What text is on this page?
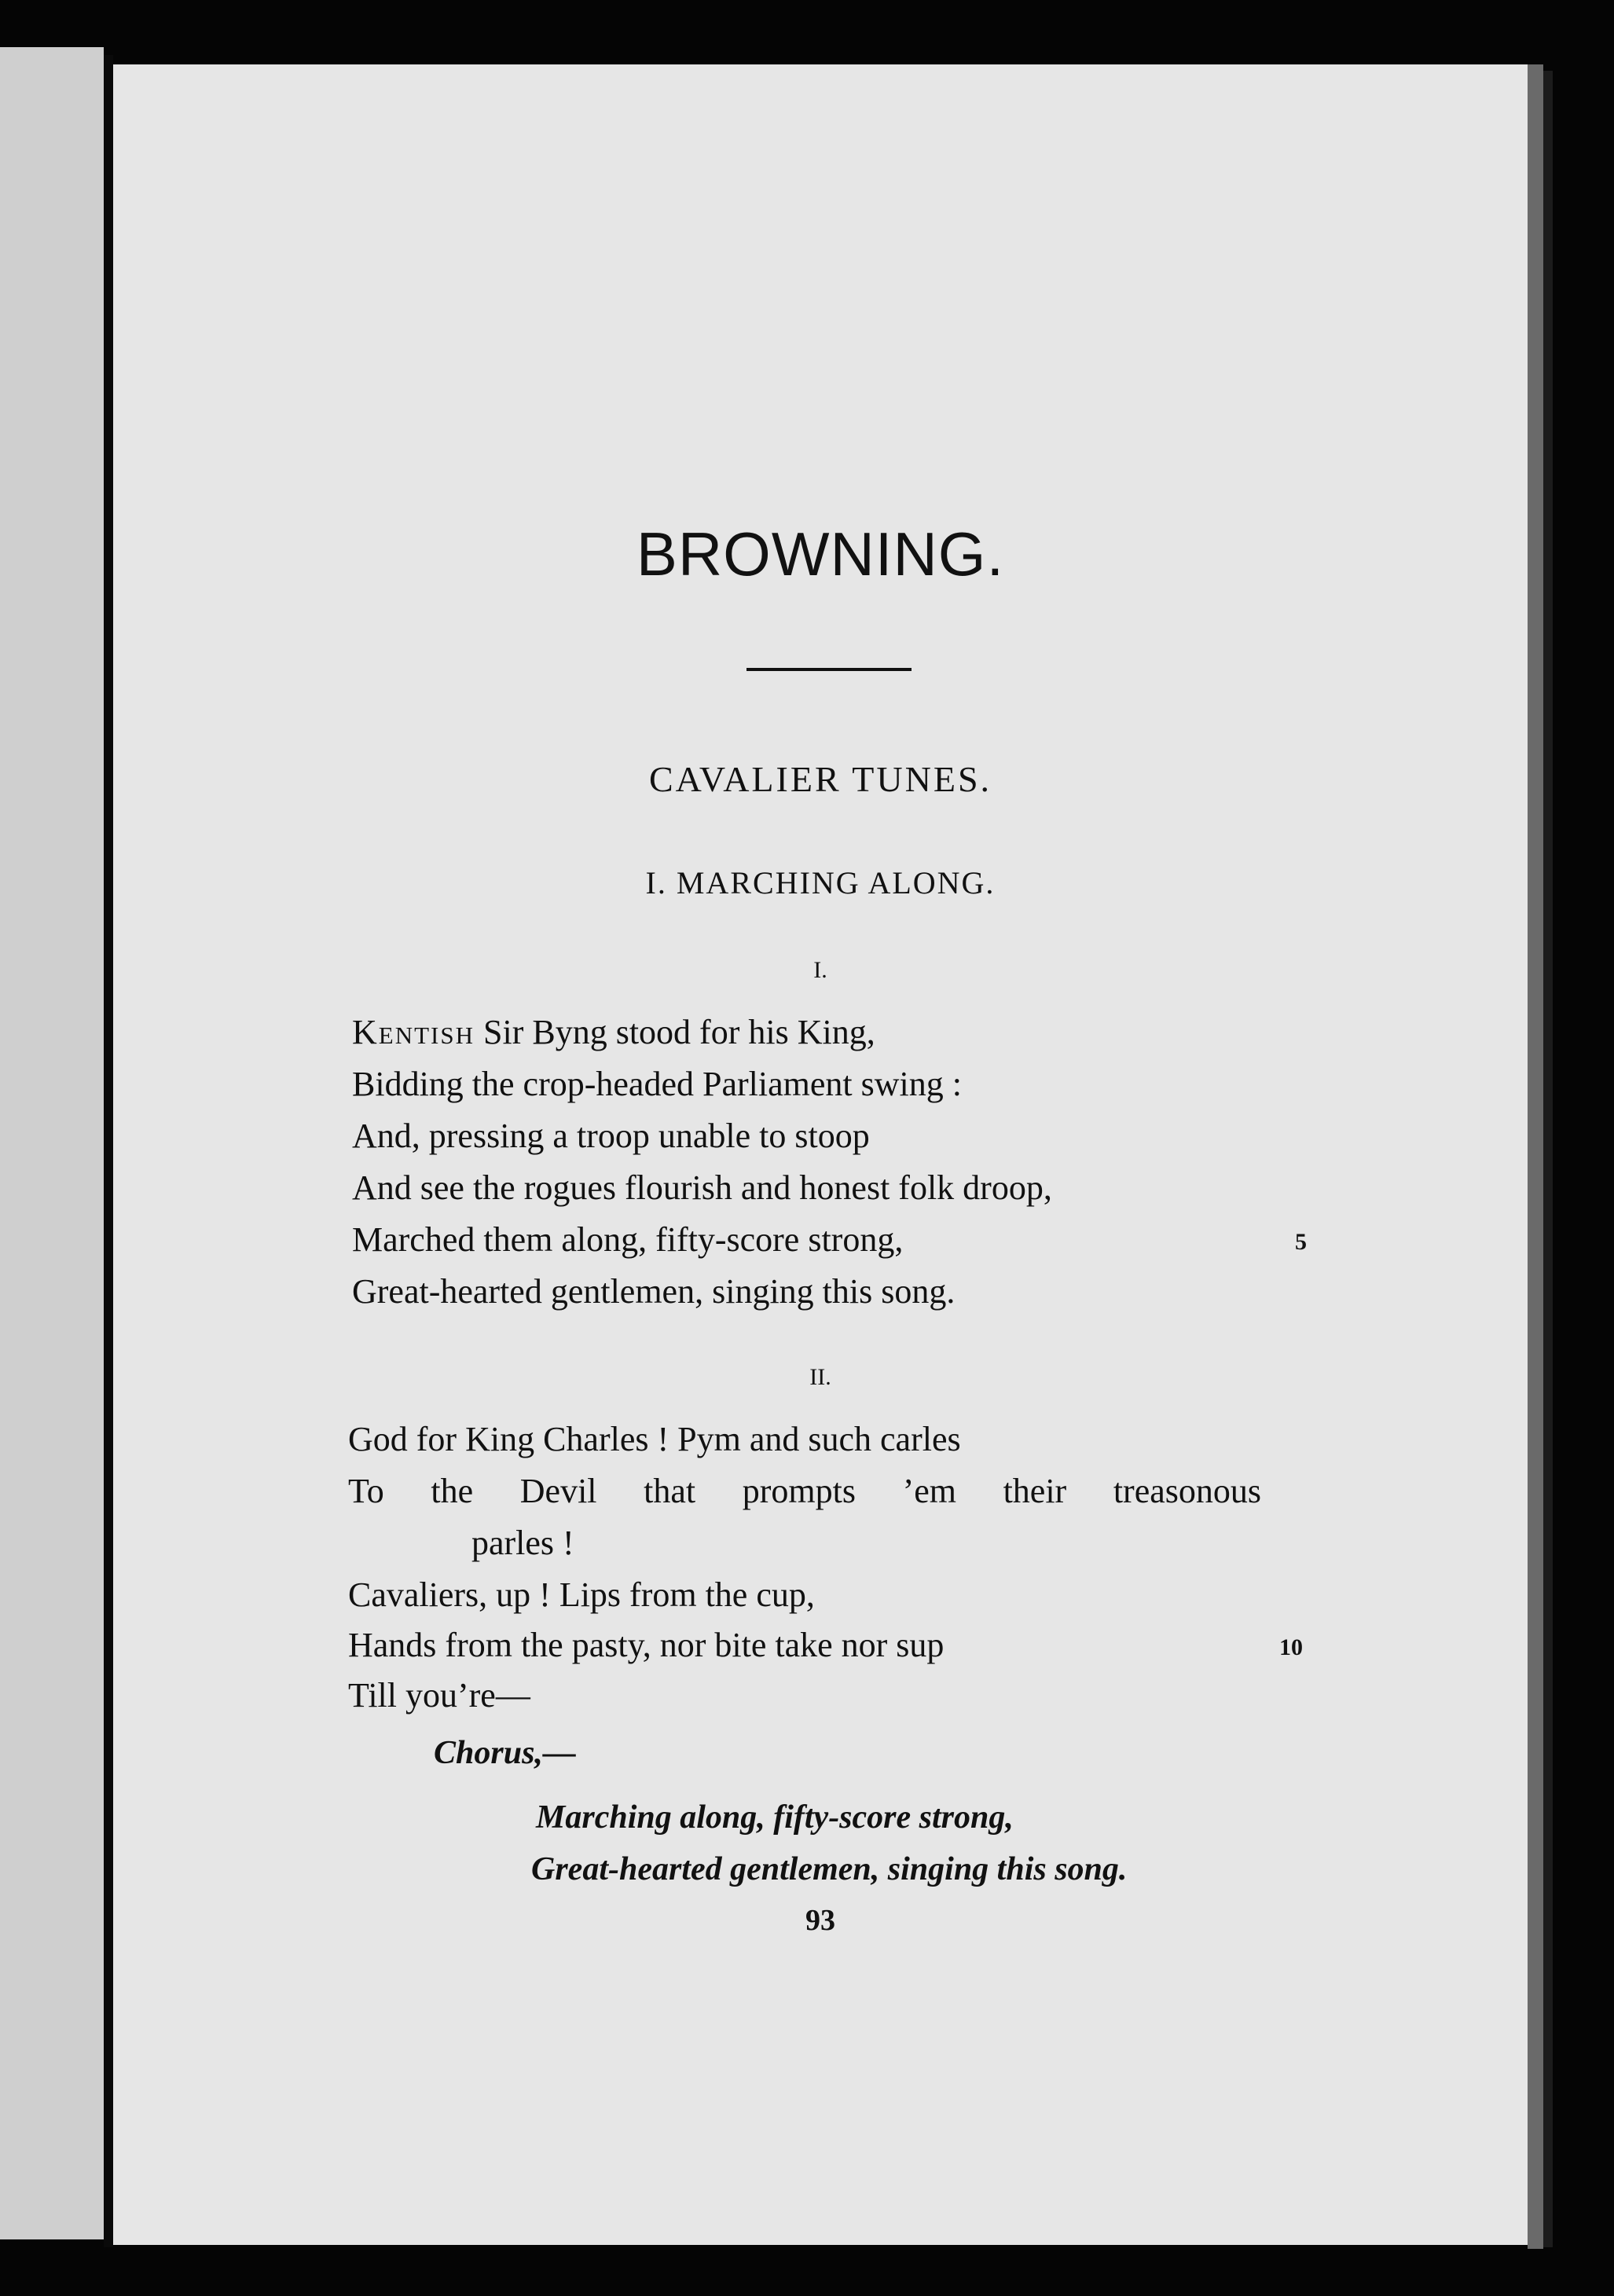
BROWNING.
CAVALIER TUNES.
I. MARCHING ALONG.
I.
Kentish Sir Byng stood for his King,
Bidding the crop-headed Parliament swing :
And, pressing a troop unable to stoop
And see the rogues flourish and honest folk droop,
Marched them along, fifty-score strong,	5
Great-hearted gentlemen, singing this song.
II.
God for King Charles ! Pym and such carles
To the Devil that prompts ’em their treasonous
parles !
Cavaliers, up ! Lips from the cup,
Hands from the pasty, nor bite take nor sup	10
Till you’re—
Chorus,—
Marching along, fifty-score strong,
Great-hearted gentlemen, singing this song.
93
